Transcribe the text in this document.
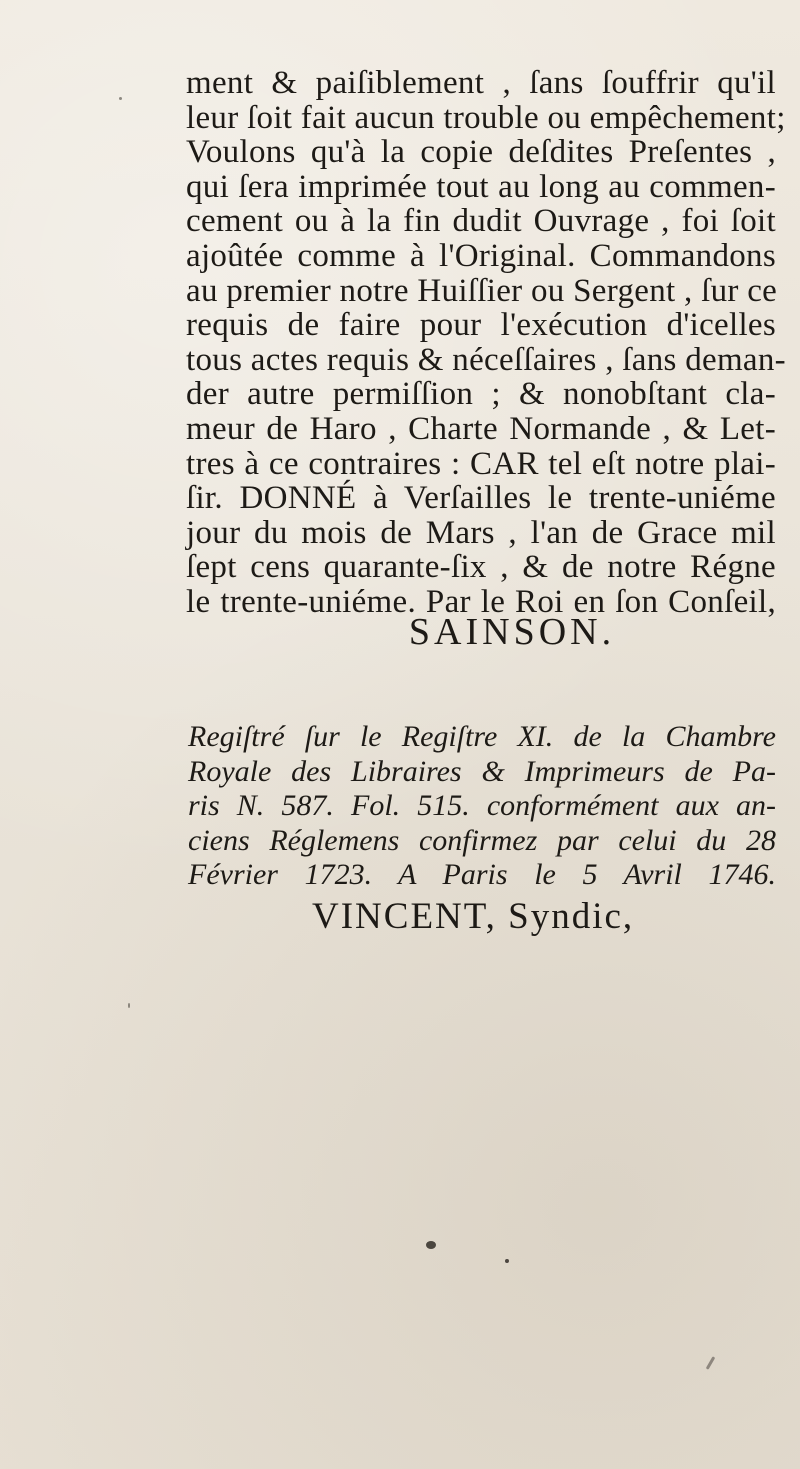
ment & paiſiblement , ſans ſouffrir qu'il
leur ſoit fait aucun trouble ou empêchement;
Voulons qu'à la copie deſdites Preſentes ,
qui ſera imprimée tout au long au commen-
cement ou à la fin dudit Ouvrage , foi ſoit
ajoûtée comme à l'Original. Commandons
au premier notre Huiſſier ou Sergent , ſur ce
requis de faire pour l'exécution d'icelles
tous actes requis & néceſſaires , ſans deman-
der autre permiſſion ; & nonobſtant cla-
meur de Haro , Charte Normande , & Let-
tres à ce contraires : CAR tel eſt notre plai-
ſir. DONNÉ à Verſailles le trente-uniéme
jour du mois de Mars , l'an de Grace mil
ſept cens quarante-ſix , & de notre Régne
le trente-uniéme. Par le Roi en ſon Conſeil,
SAINSON.
Regiſtré ſur le Regiſtre XI. de la Chambre
Royale des Libraires & Imprimeurs de Pa-
ris N. 587. Fol. 515. conformément aux an-
ciens Réglemens confirmez par celui du 28
Février 1723. A Paris le 5 Avril 1746.
VINCENT, Syndic,
